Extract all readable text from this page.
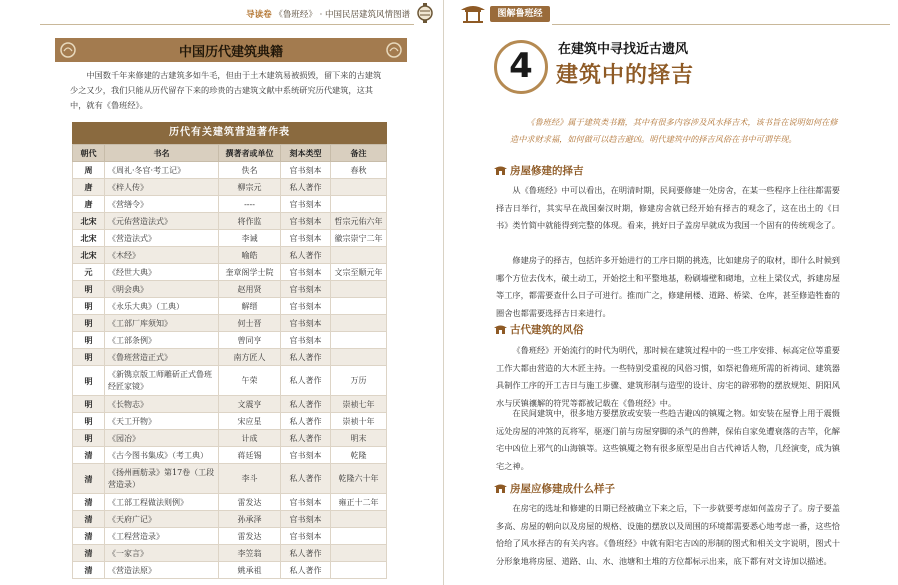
导读卷 《鲁班经》 · 中国民居建筑风情图谱
中国历代建筑典籍

中国数千年来修建的古建筑多如牛毛，但由于土木建筑易被损毁，留下来的古建筑少之又少，我们只能从历代留存下来的珍贵的古建筑文献中系统研究历代建筑，这其中，就有《鲁班经》。

历代有关建筑营造著作表
朝代	书名	撰著者或单位	刻本类型	备注
周	《周礼·冬官·考工记》	佚名	官书刻本	春秋
唐	《梓人传》	柳宗元	私人著作	
唐	《营缮令》	----	官书刻本	
北宋	《元佑营造法式》	将作监	官书刻本	哲宗元佑六年
北宋	《营造法式》	李诫	官书刻本	徽宗崇宁二年
北宋	《木经》	喻皓	私人著作	
元	《经世大典》	奎章阁学士院	官书刻本	文宗至顺元年
明	《明会典》	赵用贤	官书刻本	
明	《永乐大典》（工典）	解缙	官书刻本	
明	《工部厂库须知》	何士晋	官书刻本	
明	《工部条例》	曾同亨	官书刻本	
明	《鲁班营造正式》	南方匠人	私人著作	
明	《新镌京版工师雕斫正式鲁班经匠家镜》	午荣	私人著作	万历
明	《长物志》	文震亨	私人著作	崇祯七年
明	《天工开物》	宋应星	私人著作	崇祯十年
明	《园冶》	计成	私人著作	明末
清	《古今图书集成》（考工典）	蒋廷锡	官书刻本	乾隆
清	《扬州画舫录》第17卷（工段营造录）	李斗	私人著作	乾隆六十年
清	《工部工程做法则例》	雷发达	官书刻本	雍正十二年
清	《天府广记》	孙承泽	官书刻本	
清	《工程营造录》	雷发达	官书刻本	
清	《一家言》	李笠翁	私人著作	
清	《营造法原》	姚承祖	私人著作	
图解鲁班经
4	在建筑中寻找近古遗风
建筑中的择吉

《鲁班经》属于建筑类书籍，其中有很多内容涉及风水择吉术，该书旨在说明如何在修造中求财求福，如何做可以趋吉避凶。明代建筑中的择吉风俗在书中可谓毕现。

房屋修建的择吉

从《鲁班经》中可以看出，在明清时期，民间要修建一处房舍，在某一些程序上往往都需要择吉日举行，其实早在战国秦汉时期，修建房舍就已经开始有择吉的观念了，这在出土的《日书》类竹简中就能得到完整的体现。看来，挑好日子盖房早就成为我国一个固有的传统观念了。

修建房子的择吉，包括许多开始进行的工序日期的挑选，比如建房子的取材，即什么时候到哪个方位去伐木，破土动工，开始挖土和平整地基，粉刷墙壁和砌地，立柱上梁仪式，拆建房屋等工序，都需要查什么日子可进行。推而广之，修建闸楼、道路、桥梁、仓库，甚至修造牲畜的圈舍也都需要选择吉日来进行。

古代建筑的风俗

《鲁班经》开始流行的时代为明代，那时候在建筑过程中的一些工序安排、标高定位等重要工作大都由营造的大木匠主持。一些特别受重视的风俗习惯，如祭祀鲁班所需的祈祷词、建筑器具制作工序的开工吉日与施工步骤、建筑形制与造型的设计、房宅的辟邪物的摆放规矩、阴阳风水与厌镇禳解的符咒等都被记载在《鲁班经》中。

在民间建筑中，很多地方要摆放或安装一些趋吉避凶的镇魇之物。如安装在屋脊上用于震慑远处房屋的冲煞的瓦将军，驱逐门前与房屋穿脚的杀气的兽牌，保佑自家免遭衰落的吉竿，化解宅中凶位上邪气的山海镇等。这些镇魇之物有很多原型是出自古代神话人物，几经演变，成为镇宅之神。

房屋应修建成什么样子

在房宅的选址和修建的日期已经被确立下来之后，下一步就要考虑如何盖房子了。房子要盖多高、房屋的朝向以及房屋的规格、设施的摆放以及周围的环境都需要悉心地考虑一番，这些恰恰给了风水择吉的有关内容。《鲁班经》中就有阳宅吉凶的形制的图式和相关文字说明，图式十分形象地将房屋、道路、山、水、池塘和土堆的方位都标示出来，底下都有对文诗加以描述。
